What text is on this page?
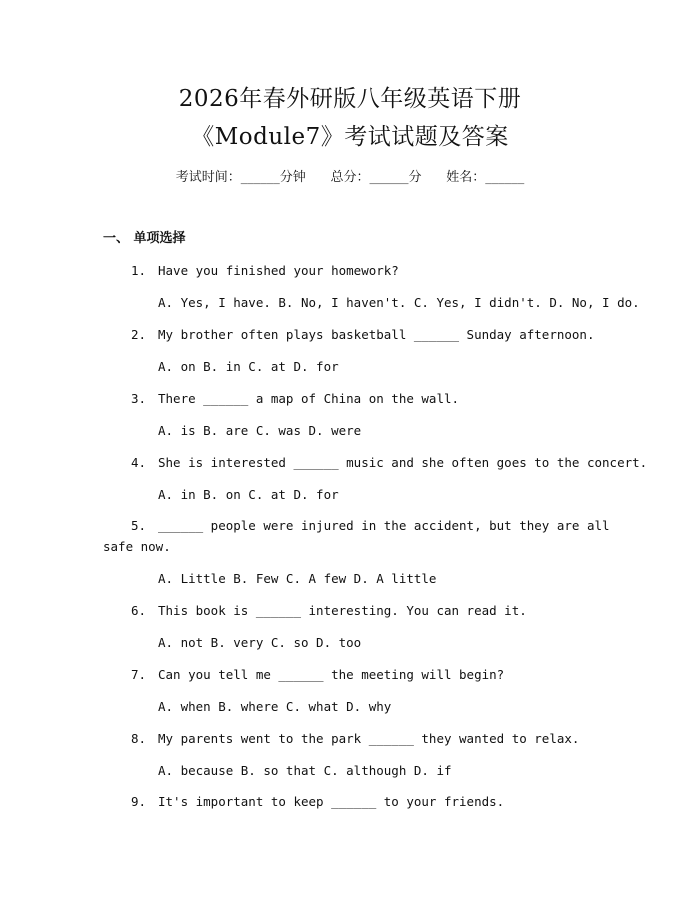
2026年春外研版八年级英语下册
《Module7》考试试题及答案
考试时间：______分钟      总分：______分      姓名：______
一、 单项选择
1. Have you finished your homework?
A. Yes, I have. B. No, I haven't. C. Yes, I didn't. D. No, I do.
2. My brother often plays basketball ______ Sunday afternoon.
A. on B. in C. at D. for
3. There ______ a map of China on the wall.
A. is B. are C. was D. were
4. She is interested ______ music and she often goes to the concert.
A. in B. on C. at D. for
5. ______ people were injured in the accident, but they are all
safe now.
A. Little B. Few C. A few D. A little
6. This book is ______ interesting. You can read it.
A. not B. very C. so D. too
7. Can you tell me ______ the meeting will begin?
A. when B. where C. what D. why
8. My parents went to the park ______ they wanted to relax.
A. because B. so that C. although D. if
9. It's important to keep ______ to your friends.
